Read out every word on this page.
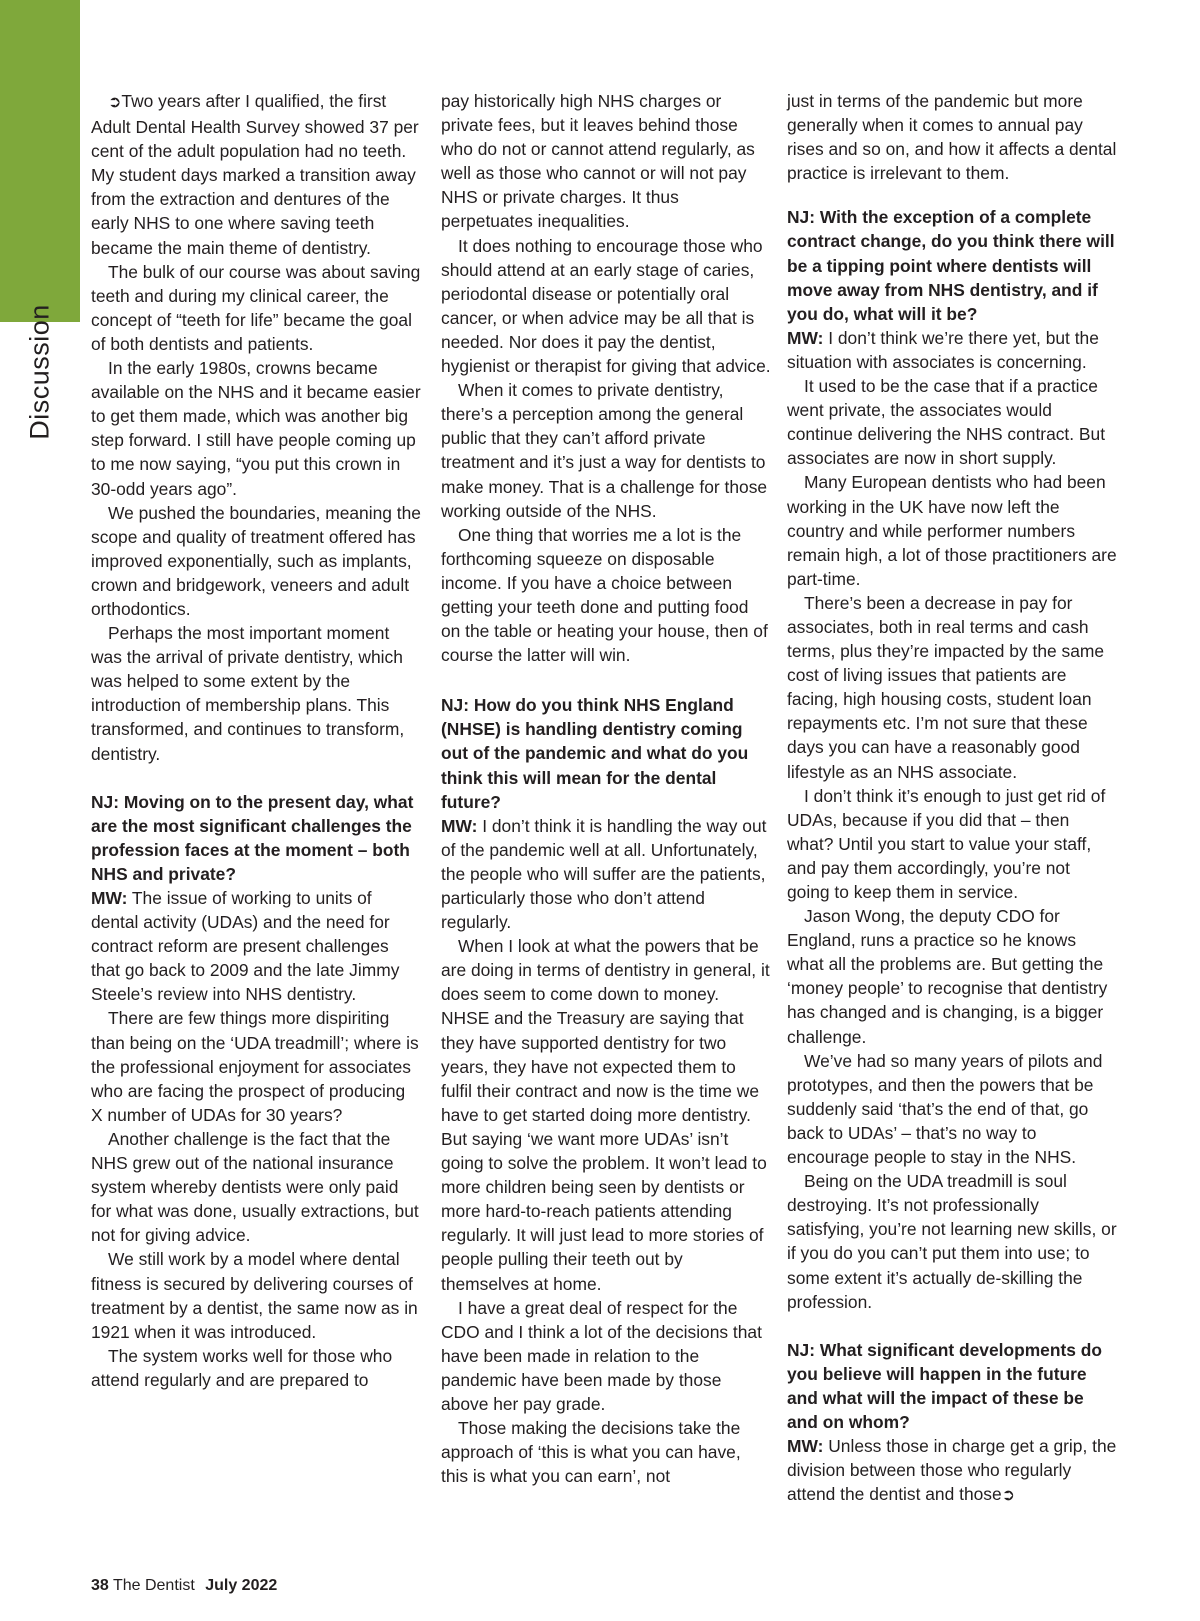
Discussion

➲Two years after I qualified, the first Adult Dental Health Survey showed 37 per cent of the adult population had no teeth. My student days marked a transition away from the extraction and dentures of the early NHS to one where saving teeth became the main theme of dentistry.

The bulk of our course was about saving teeth and during my clinical career, the concept of “teeth for life” became the goal of both dentists and patients.

In the early 1980s, crowns became available on the NHS and it became easier to get them made, which was another big step forward. I still have people coming up to me now saying, “you put this crown in 30-odd years ago”.

We pushed the boundaries, meaning the scope and quality of treatment offered has improved exponentially, such as implants, crown and bridgework, veneers and adult orthodontics.

Perhaps the most important moment was the arrival of private dentistry, which was helped to some extent by the introduction of membership plans. This transformed, and continues to transform, dentistry.

NJ: Moving on to the present day, what are the most significant challenges the profession faces at the moment – both NHS and private?

MW: The issue of working to units of dental activity (UDAs) and the need for contract reform are present challenges that go back to 2009 and the late Jimmy Steele’s review into NHS dentistry.

There are few things more dispiriting than being on the ‘UDA treadmill’; where is the professional enjoyment for associates who are facing the prospect of producing X number of UDAs for 30 years?

Another challenge is the fact that the NHS grew out of the national insurance system whereby dentists were only paid for what was done, usually extractions, but not for giving advice.

We still work by a model where dental fitness is secured by delivering courses of treatment by a dentist, the same now as in 1921 when it was introduced.

The system works well for those who attend regularly and are prepared to

pay historically high NHS charges or private fees, but it leaves behind those who do not or cannot attend regularly, as well as those who cannot or will not pay NHS or private charges. It thus perpetuates inequalities.

It does nothing to encourage those who should attend at an early stage of caries, periodontal disease or potentially oral cancer, or when advice may be all that is needed. Nor does it pay the dentist, hygienist or therapist for giving that advice.

When it comes to private dentistry, there’s a perception among the general public that they can’t afford private treatment and it’s just a way for dentists to make money. That is a challenge for those working outside of the NHS.

One thing that worries me a lot is the forthcoming squeeze on disposable income. If you have a choice between getting your teeth done and putting food on the table or heating your house, then of course the latter will win.

NJ: How do you think NHS England (NHSE) is handling dentistry coming out of the pandemic and what do you think this will mean for the dental future?

MW: I don’t think it is handling the way out of the pandemic well at all. Unfortunately, the people who will suffer are the patients, particularly those who don’t attend regularly.

When I look at what the powers that be are doing in terms of dentistry in general, it does seem to come down to money. NHSE and the Treasury are saying that they have supported dentistry for two years, they have not expected them to fulfil their contract and now is the time we have to get started doing more dentistry. But saying ‘we want more UDAs’ isn’t going to solve the problem. It won’t lead to more children being seen by dentists or more hard-to-reach patients attending regularly. It will just lead to more stories of people pulling their teeth out by themselves at home.

I have a great deal of respect for the CDO and I think a lot of the decisions that have been made in relation to the pandemic have been made by those above her pay grade.

Those making the decisions take the approach of ‘this is what you can have, this is what you can earn’, not

just in terms of the pandemic but more generally when it comes to annual pay rises and so on, and how it affects a dental practice is irrelevant to them.

NJ: With the exception of a complete contract change, do you think there will be a tipping point where dentists will move away from NHS dentistry, and if you do, what will it be?

MW: I don’t think we’re there yet, but the situation with associates is concerning.

It used to be the case that if a practice went private, the associates would continue delivering the NHS contract. But associates are now in short supply.

Many European dentists who had been working in the UK have now left the country and while performer numbers remain high, a lot of those practitioners are part-time.

There’s been a decrease in pay for associates, both in real terms and cash terms, plus they’re impacted by the same cost of living issues that patients are facing, high housing costs, student loan repayments etc. I’m not sure that these days you can have a reasonably good lifestyle as an NHS associate.

I don’t think it’s enough to just get rid of UDAs, because if you did that – then what? Until you start to value your staff, and pay them accordingly, you’re not going to keep them in service.

Jason Wong, the deputy CDO for England, runs a practice so he knows what all the problems are. But getting the ‘money people’ to recognise that dentistry has changed and is changing, is a bigger challenge.

We’ve had so many years of pilots and prototypes, and then the powers that be suddenly said ‘that’s the end of that, go back to UDAs’ – that’s no way to encourage people to stay in the NHS.

Being on the UDA treadmill is soul destroying. It’s not professionally satisfying, you’re not learning new skills, or if you do you can’t put them into use; to some extent it’s actually de-skilling the profession.

NJ: What significant developments do you believe will happen in the future and what will the impact of these be and on whom?

MW: Unless those in charge get a grip, the division between those who regularly attend the dentist and those➲

38 The Dentist July 2022
